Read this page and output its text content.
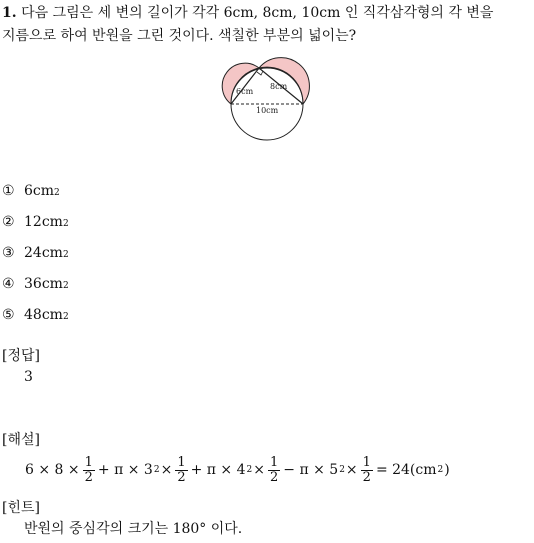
1. 다음 그림은 세 변의 길이가 각각 6cm, 8cm, 10cm 인 직각삼각형의 각 변을
지름으로 하여 반원을 그린 것이다. 색칠한 부분의 넓이는?
6cm
8cm
10cm
① 6cm 2
② 12cm 2
③ 24cm 2
④ 36cm 2
⑤ 48cm 2
[정답]
3
[해설]
$6 \times 8 \times \frac{1}{2} + \pi \times 3$ $2 \times \frac{1}{2} + \pi \times 4$ $2 \times \frac{1}{2} - \pi \times 5$ $2 \times \frac{1}{2} = 24(cm$ 2 )
[힌트]
반원의 중심각의 크기는 180° 이다.
